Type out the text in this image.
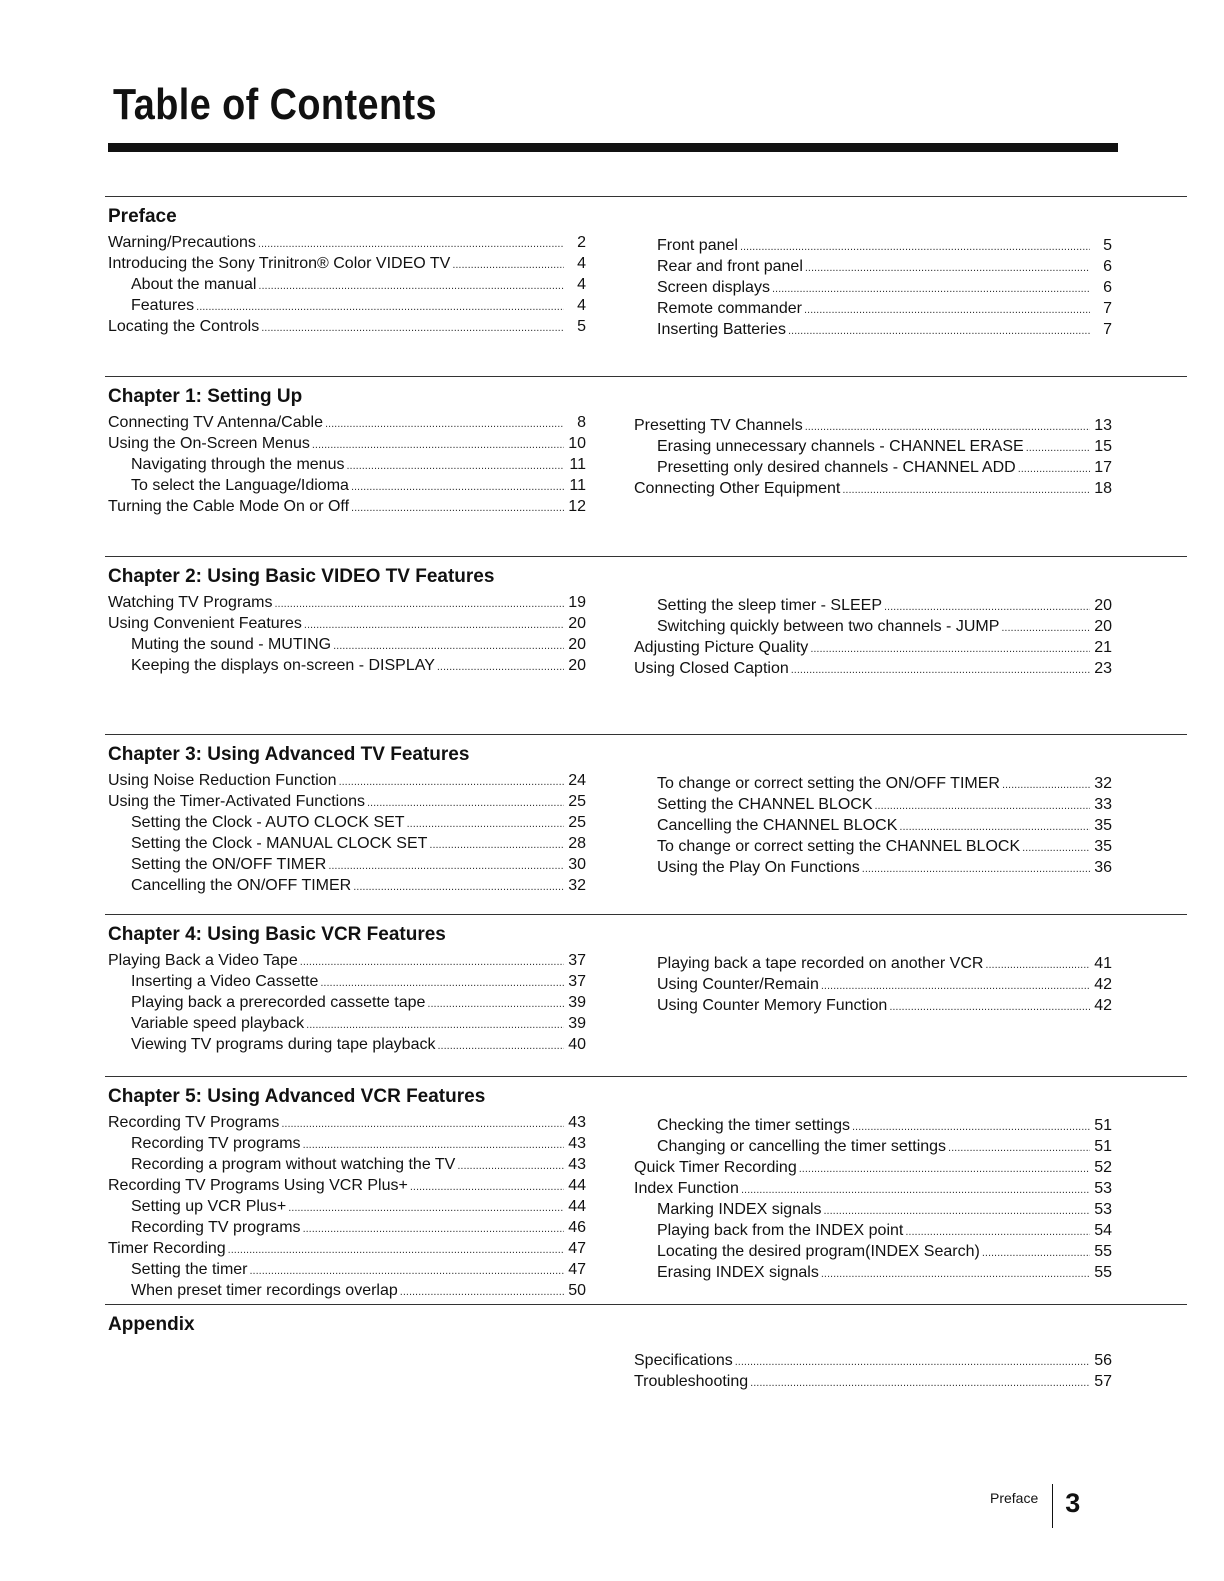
Table of Contents
Preface
Warning/Precautions .....	2
Introducing the Sony Trinitron® Color VIDEO TV .....	4
About the manual .....	4
Features .....	4
Locating the Controls .....	5
Front panel .....	5
Rear and front panel .....	6
Screen displays .....	6
Remote commander .....	7
Inserting Batteries .....	7
Chapter 1: Setting Up
Connecting TV Antenna/Cable .....	8
Using the On-Screen Menus .....	10
Navigating through the menus .....	11
To select the Language/Idioma .....	11
Turning the Cable Mode On or Off .....	12
Presetting TV Channels .....	13
Erasing unnecessary channels - CHANNEL ERASE .....	15
Presetting only desired channels - CHANNEL ADD .....	17
Connecting Other Equipment .....	18
Chapter 2: Using Basic VIDEO TV Features
Watching TV Programs .....	19
Using Convenient Features .....	20
Muting the sound - MUTING .....	20
Keeping the displays on-screen - DISPLAY .....	20
Setting the sleep timer - SLEEP .....	20
Switching quickly between two channels - JUMP .....	20
Adjusting Picture Quality .....	21
Using Closed Caption .....	23
Chapter 3: Using Advanced TV Features
Using Noise Reduction Function .....	24
Using the Timer-Activated Functions .....	25
Setting the Clock - AUTO CLOCK SET .....	25
Setting the Clock - MANUAL CLOCK SET .....	28
Setting the ON/OFF TIMER .....	30
Cancelling the ON/OFF TIMER .....	32
To change or correct setting the ON/OFF TIMER .....	32
Setting the CHANNEL BLOCK .....	33
Cancelling the CHANNEL BLOCK .....	35
To change or correct setting the CHANNEL BLOCK .....	35
Using the Play On Functions .....	36
Chapter 4: Using Basic VCR Features
Playing Back a Video Tape .....	37
Inserting a Video Cassette .....	37
Playing back a prerecorded cassette tape .....	39
Variable speed playback .....	39
Viewing TV programs during tape playback .....	40
Playing back a tape recorded on another VCR .....	41
Using Counter/Remain .....	42
Using Counter Memory Function .....	42
Chapter 5: Using Advanced VCR Features
Recording TV Programs .....	43
Recording TV programs .....	43
Recording a program without watching the TV .....	43
Recording TV Programs Using VCR Plus+ .....	44
Setting up VCR Plus+ .....	44
Recording TV programs .....	46
Timer Recording .....	47
Setting the timer .....	47
When preset timer recordings overlap .....	50
Checking the timer settings .....	51
Changing or cancelling the timer settings .....	51
Quick Timer Recording .....	52
Index Function .....	53
Marking INDEX signals .....	53
Playing back from the INDEX point .....	54
Locating the desired program(INDEX Search) .....	55
Erasing INDEX signals .....	55
Appendix
Specifications .....	56
Troubleshooting .....	57
Preface 3
